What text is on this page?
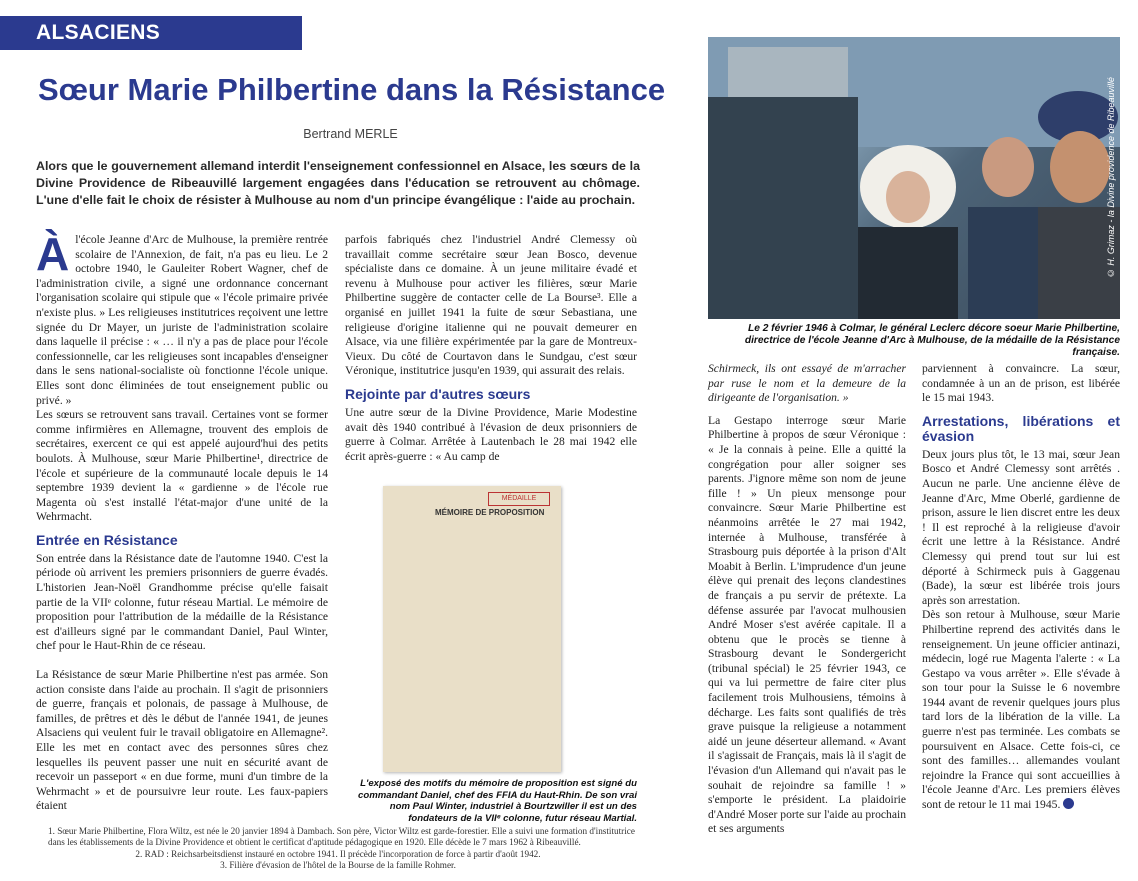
ALSACIENS REMARQUABLES
Sœur Marie Philbertine dans la Résistance
Bertrand MERLE
Alors que le gouvernement allemand interdit l'enseignement confessionnel en Alsace, les sœurs de la Divine Providence de Ribeauvillé largement engagées dans l'éducation se retrouvent au chômage. L'une d'elle fait le choix de résister à Mulhouse au nom d'un principe évangélique : l'aide au prochain.
À l'école Jeanne d'Arc de Mulhouse, la première rentrée scolaire de l'Annexion, de fait, n'a pas eu lieu. Le 2 octobre 1940, le Gauleiter Robert Wagner, chef de l'administration civile, a signé une ordonnance concernant l'organisation scolaire qui stipule que « l'école primaire privée n'existe plus. » Les religieuses institutrices reçoivent une lettre signée du Dr Mayer, un juriste de l'administration scolaire dans laquelle il précise : « … il n'y a pas de place pour l'école confessionnelle, car les religieuses sont incapables d'enseigner dans le sens national-socialiste où fonctionne l'école unique. Elles sont donc éliminées de tout enseignement public ou privé. »

Les sœurs se retrouvent sans travail. Certaines vont se former comme infirmières en Allemagne, trouvent des emplois de secrétaires, exercent ce qui est appelé aujourd'hui des petits boulots. À Mulhouse, sœur Marie Philbertine¹, directrice de l'école et supérieure de la communauté locale depuis le 14 septembre 1939 devient la « gardienne » de l'école rue Magenta où s'est installé l'état-major d'une unité de la Wehrmacht.

Entrée en Résistance

Son entrée dans la Résistance date de l'automne 1940. C'est la période où arrivent les premiers prisonniers de guerre évadés. L'historien Jean-Noël Grandhomme précise qu'elle faisait partie de la VIIᵉ colonne, futur réseau Martial. Le mémoire de proposition pour l'attribution de la médaille de la Résistance est d'ailleurs signé par le commandant Daniel, Paul Winter, chef pour le Haut-Rhin de ce réseau.

La Résistance de sœur Marie Philbertine n'est pas armée. Son action consiste dans l'aide au prochain. Il s'agit de prisonniers de guerre, français et polonais, de passage à Mulhouse, de familles, de prêtres et dès le début de l'année 1941, de jeunes Alsaciens qui veulent fuir le travail obligatoire en Allemagne². Elle les met en contact avec des personnes sûres chez lesquelles ils peuvent passer une nuit en sécurité avant de recevoir un passeport « en due forme, muni d'un timbre de la Wehrmacht » et de poursuivre leur route. Les faux-papiers étaient

parfois fabriqués chez l'industriel André Clemessy où travaillait comme secrétaire sœur Jean Bosco, devenue spécialiste dans ce domaine. À un jeune militaire évadé et revenu à Mulhouse pour activer les filières, sœur Marie Philbertine suggère de contacter celle de La Bourse³. Elle a organisé en juillet 1941 la fuite de sœur Sebastiana, une religieuse d'origine italienne qui ne pouvait demeurer en Alsace, via une filière expérimentée par la gare de Montreux-Vieux. Du côté de Courtavon dans le Sundgau, c'est sœur Véronique, institutrice jusqu'en 1939, qui assurait des relais.

Rejointe par d'autres sœurs

Une autre sœur de la Divine Providence, Marie Modestine avait dès 1940 contribué à l'évasion de deux prisonniers de guerre à Colmar. Arrêtée à Lautenbach le 28 mai 1942 elle écrit après-guerre : « Au camp de

MÉDAILLE
MÉMOIRE DE PROPOSITION
L'exposé des motifs du mémoire de proposition est signé du commandant Daniel, chef des FFIA du Haut-Rhin. De son vrai nom Paul Winter, industriel à Bourtzwiller il est un des fondateurs de la VIIᵉ colonne, futur réseau Martial.
© H. Grimaz - la Divine providence de Ribeauvillé
Le 2 février 1946 à Colmar, le général Leclerc décore soeur Marie Philbertine, directrice de l'école Jeanne d'Arc à Mulhouse, de la médaille de la Résistance française.

Schirmeck, ils ont essayé de m'arracher par ruse le nom et la demeure de la dirigeante de l'organisation. »

La Gestapo interroge sœur Marie Philbertine à propos de sœur Véronique : « Je la connais à peine. Elle a quitté la congrégation pour aller soigner ses parents. J'ignore même son nom de jeune fille ! » Un pieux mensonge pour convaincre. Sœur Marie Philbertine est néanmoins arrêtée le 27 mai 1942, internée à Mulhouse, transférée à Strasbourg puis déportée à la prison d'Alt Moabit à Berlin. L'imprudence d'un jeune élève qui prenait des leçons clandestines de français a pu servir de prétexte. La défense assurée par l'avocat mulhousien André Moser s'est avérée capitale. Il a obtenu que le procès se tienne à Strasbourg devant le Sondergericht (tribunal spécial) le 25 février 1943, ce qui va lui permettre de faire citer plus facilement trois Mulhousiens, témoins à décharge. Les faits sont qualifiés de très grave puisque la religieuse a notamment aidé un jeune déserteur allemand. « Avant il s'agissait de Français, mais là il s'agit de l'évasion d'un Allemand qui n'avait pas le souhait de rejoindre sa famille ! » s'emporte le président. La plaidoirie d'André Moser porte sur l'aide au prochain et ses arguments

parviennent à convaincre. La sœur, condamnée à un an de prison, est libérée le 15 mai 1943.

Arrestations, libérations et évasion

Deux jours plus tôt, le 13 mai, sœur Jean Bosco et André Clemessy sont arrêtés . Aucun ne parle. Une ancienne élève de Jeanne d'Arc, Mme Oberlé, gardienne de prison, assure le lien discret entre les deux ! Il est reproché à la religieuse d'avoir écrit une lettre à la Résistance. André Clemessy qui prend tout sur lui est déporté à Schirmeck puis à Gaggenau (Bade), la sœur est libérée trois jours après son arrestation.

Dès son retour à Mulhouse, sœur Marie Philbertine reprend des activités dans le renseignement. Un jeune officier antinazi, médecin, logé rue Magenta l'alerte : « La Gestapo va vous arrêter ». Elle s'évade à son tour pour la Suisse le 6 novembre 1944 avant de revenir quelques jours plus tard lors de la libération de la ville. La guerre n'est pas terminée. Les combats se poursuivent en Alsace. Cette fois-ci, ce sont des familles… allemandes voulant rejoindre la France qui sont accueillies à l'école Jeanne d'Arc. Les premiers élèves sont de retour le 11 mai 1945.

1. Sœur Marie Philbertine, Flora Wiltz, est née le 20 janvier 1894 à Dambach. Son père, Victor Wiltz est garde-forestier. Elle a suivi une formation d'institutrice dans les établissements de la Divine Providence et obtient le certificat d'aptitude pédagogique en 1920. Elle décède le 7 mars 1962 à Ribeauvillé.
2. RAD : Reichsarbeitsdienst instauré en octobre 1941. Il précède l'incorporation de force à partir d'août 1942.
3. Filière d'évasion de l'hôtel de la Bourse de la famille Rohmer.
